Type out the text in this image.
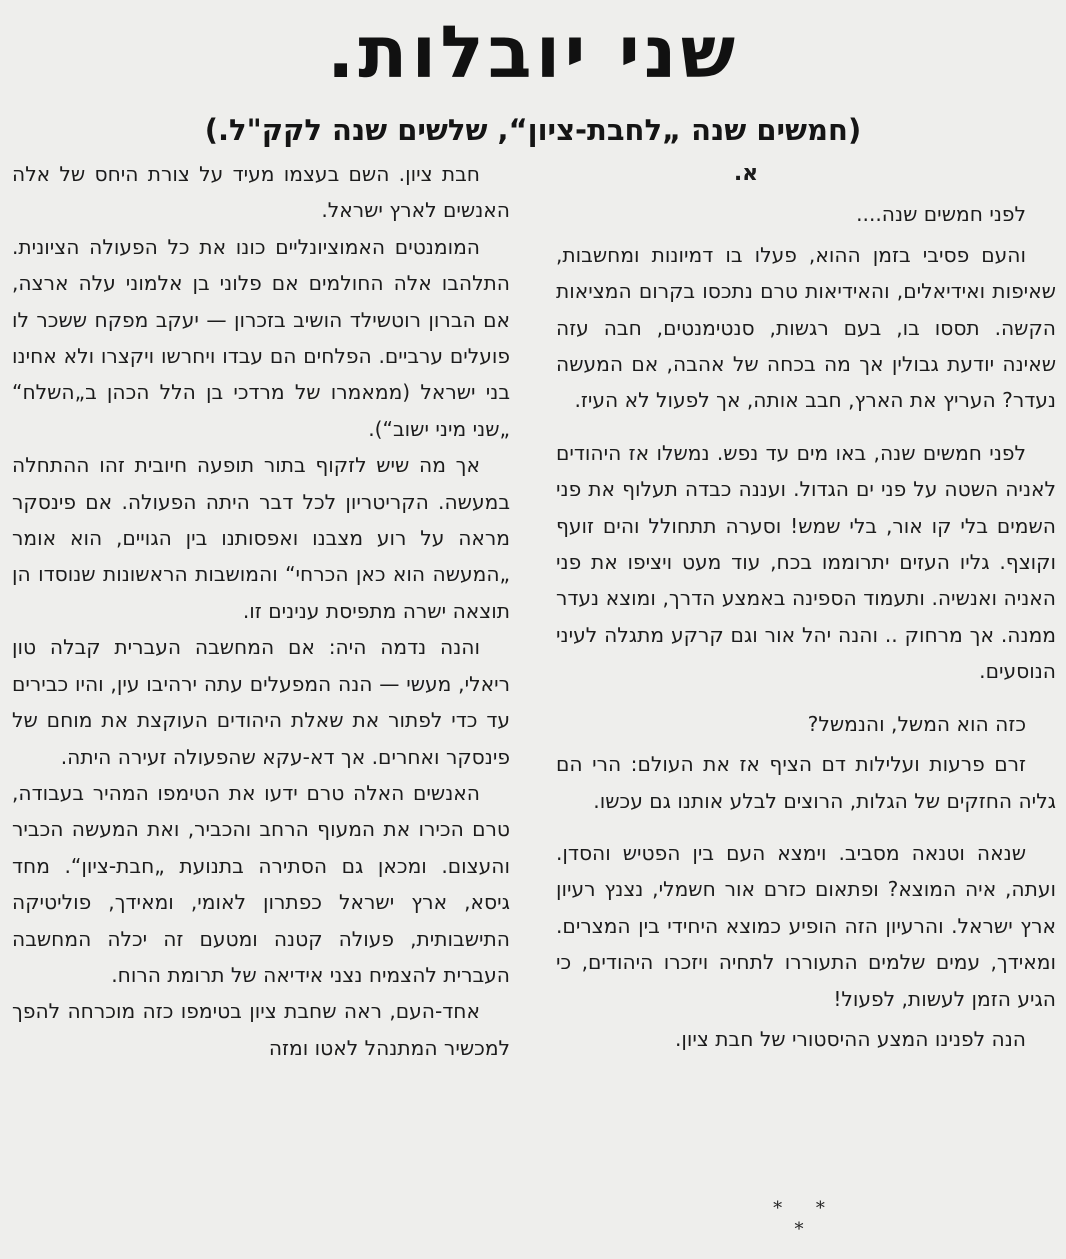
שני יובלות.
(חמשים שנה „לחבת-ציון“, שלשים שנה לקק"ל.)

א.

לפני חמשים שנה....

והעם פסיבי בזמן ההוא, פעלו בו דמיונות ומחשבות, שאיפות ואידיאלים, והאידיאות טרם נתכסו בקרום המציאות הקשה. תססו בו, בעם רגשות, סנטימנטים, חבה עזה שאינה יודעת גבולין אך מה בכחה של אהבה, אם המעשה נעדר? העריץ את הארץ, חבב אותה, אך לפעול לא העיז.

לפני חמשים שנה, באו מים עד נפש. נמשלו אז היהודים לאניה השטה על פני ים הגדול. ועננה כבדה תעלוף את פני השמים בלי קו אור, בלי שמש! וסערה תתחולל והים זועף וקוצף. גליו העזים יתרוממו בכח, עוד מעט ויציפו את פני האניה ואנשיה. ותעמוד הספינה באמצע הדרך, ומוצא נעדר ממנה. אך מרחוק .. והנה יהל אור וגם קרקע מתגלה לעיני הנוסעים.

כזה הוא המשל, והנמשל?

זרם פרעות ועלילות דם הציף אז את העולם: הרי הם גליה החזקים של הגלות, הרוצים לבלע אותנו גם עכשו.

שנאה וטנאה מסביב. וימצא העם בין הפטיש והסדן. ועתה, איה המוצא? ופתאום כזרם אור חשמלי, נצנץ רעיון ארץ ישראל. והרעיון הזה הופיע כמוצא היחידי בין המצרים. ומאידך, עמים שלמים התעוררו לתחיה ויזכרו היהודים, כי הגיע הזמן לעשות, לפעול!

הנה לפנינו המצע ההיסטורי של חבת ציון.

* * *

חבת ציון. השם בעצמו מעיד על צורת היחס של אלה האנשים לארץ ישראל.

המומנטים האמוציונליים כונו את כל הפעולה הציונית. התלהבו אלה החולמים אם פלוני בן אלמוני עלה ארצה, אם הברון רוטשילד הושיב בזכרון — יעקב מפקח ששכר לו פועלים ערביים. הפלחים הם עבדו ויחרשו ויקצרו ולא אחינו בני ישראל (ממאמרו של מרדכי בן הלל הכהן ב„השלח“ „שני מיני ישוב“).

אך מה שיש לזקוף בתור תופעה חיובית זהו ההתחלה במעשה. הקריטריון לכל דבר היתה הפעולה. אם פינסקר מראה על רוע מצבנו ואפסותנו בין הגויים, הוא אומר „המעשה הוא כאן הכרחי“ והמושבות הראשונות שנוסדו הן תוצאה ישרה מתפיסת ענינים זו.

והנה נדמה היה: אם המחשבה העברית קבלה טון ריאלי, מעשי — הנה המפעלים עתה ירהיבו עין, והיו כבירים עד כדי לפתור את שאלת היהודים העוקצת את מוחם של פינסקר ואחרים. אך דא-עקא שהפעולה זעירה היתה.

האנשים האלה טרם ידעו את הטימפו המהיר בעבודה, טרם הכירו את המעוף הרחב והכביר, ואת המעשה הכביר והעצום. ומכאן גם הסתירה בתנועת „חבת-ציון“. מחד גיסא, ארץ ישראל כפתרון לאומי, ומאידך, פוליטיקה התישבותית, פעולה קטנה ומטעם זה יכלה המחשבה העברית להצמיח נצני אידיאה של תרומת הרוח.

אחד-העם, ראה שחבת ציון בטימפו כזה מוכרחה להפך למכשיר המתנהל לאטו ומזה
